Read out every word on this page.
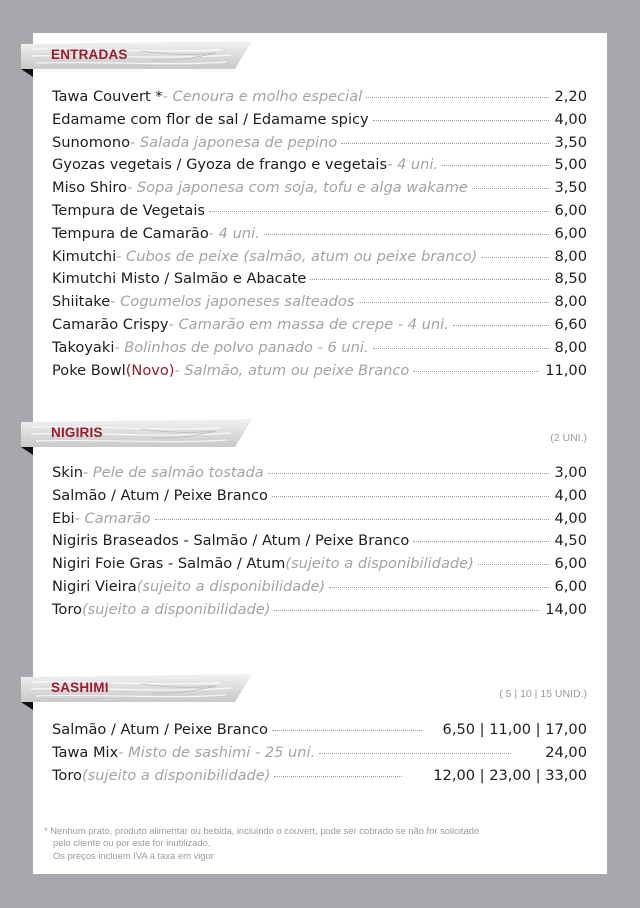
ENTRADAS
Tawa Couvert * - Cenoura e molho especial	2,20
Edamame com flor de sal / Edamame spicy	4,00
Sunomono - Salada japonesa de pepino	3,50
Gyozas vegetais / Gyoza de frango e vegetais - 4 uni.	5,00
Miso Shiro - Sopa japonesa com soja, tofu e alga wakame	3,50
Tempura de Vegetais	6,00
Tempura de Camarão - 4 uni.	6,00
Kimutchi - Cubos de peixe (salmão, atum ou peixe branco)	8,00
Kimutchi Misto / Salmão e Abacate	8,50
Shiitake - Cogumelos japoneses salteados	8,00
Camarão Crispy - Camarão em massa de crepe - 4 uni.	6,60
Takoyaki - Bolinhos de polvo panado - 6 uni.	8,00
Poke Bowl (Novo) - Salmão, atum ou peixe Branco	11,00
NIGIRIS	(2 UNI.)
Skin - Pele de salmão tostada	3,00
Salmão / Atum / Peixe Branco	4,00
Ebi - Camarão	4,00
Nigiris Braseados - Salmão / Atum / Peixe Branco	4,50
Nigiri Foie Gras - Salmão / Atum (sujeito a disponibilidade)	6,00
Nigiri Vieira (sujeito a disponibilidade)	6,00
Toro (sujeito a disponibilidade)	14,00
SASHIMI	( 5 | 10 | 15 UNID.)
Salmão / Atum / Peixe Branco	6,50 | 11,00 | 17,00
Tawa Mix - Misto de sashimi - 25 uni.	24,00
Toro (sujeito a disponibilidade)	12,00 | 23,00 | 33,00
* Nenhum prato, produto alimentar ou bebida, incluindo o couvert, pode ser cobrado se não for solicitado
pelo cliente ou por este for inutilizado.
Os preços incluem IVA à taxa em vigor
